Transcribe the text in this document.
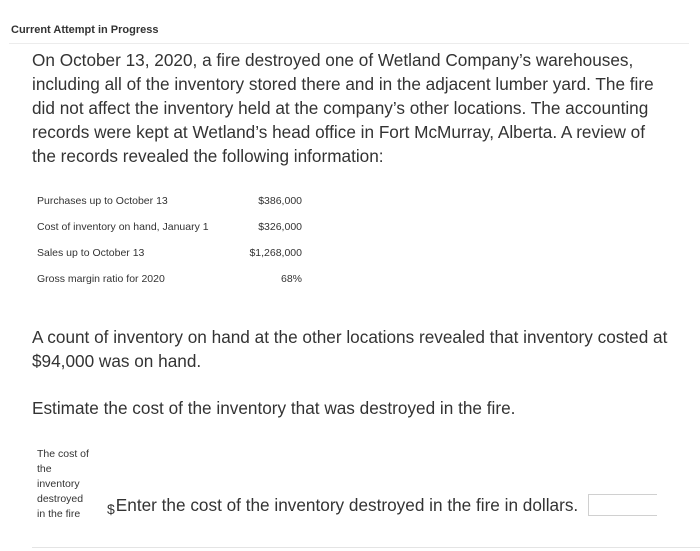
Current Attempt in Progress
On October 13, 2020, a fire destroyed one of Wetland Company’s warehouses, including all of the inventory stored there and in the adjacent lumber yard. The fire did not affect the inventory held at the company’s other locations. The accounting records were kept at Wetland’s head office in Fort McMurray, Alberta. A review of the records revealed the following information:
Purchases up to October 13	$386,000
Cost of inventory on hand, January 1	$326,000
Sales up to October 13	$1,268,000
Gross margin ratio for 2020	68%
A count of inventory on hand at the other locations revealed that inventory costed at $94,000 was on hand.
Estimate the cost of the inventory that was destroyed in the fire.
The cost of the inventory destroyed in the fire	$ Enter the cost of the inventory destroyed in the fire in dollars.
